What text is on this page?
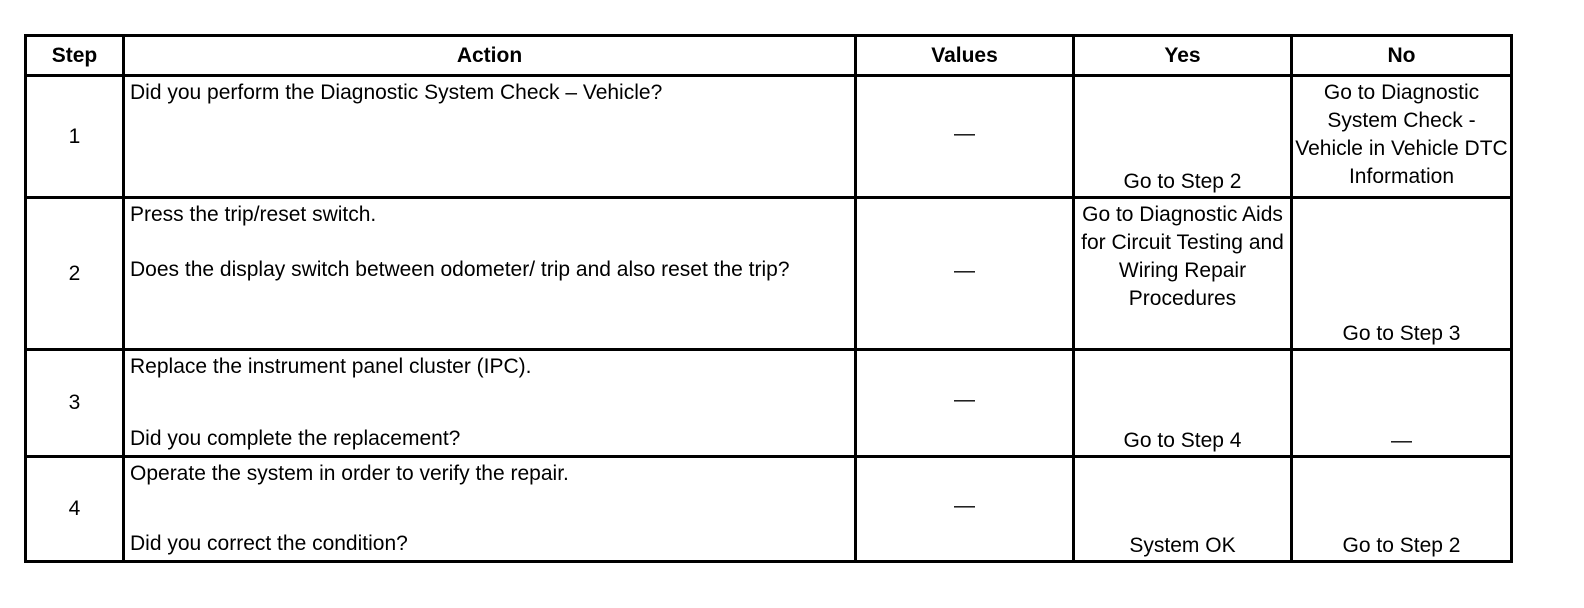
Step	Action	Values	Yes	No
1	Did you perform the Diagnostic System Check – Vehicle?	—	Go to Step 2	Go to Diagnostic System Check - Vehicle in Vehicle DTC Information
2	Press the trip/reset switch.
Does the display switch between odometer/ trip and also reset the trip?	—	Go to Diagnostic Aids for Circuit Testing and Wiring Repair Procedures	Go to Step 3
3	Replace the instrument panel cluster (IPC).
Did you complete the replacement?	—	Go to Step 4	—
4	Operate the system in order to verify the repair.
Did you correct the condition?	—	System OK	Go to Step 2
